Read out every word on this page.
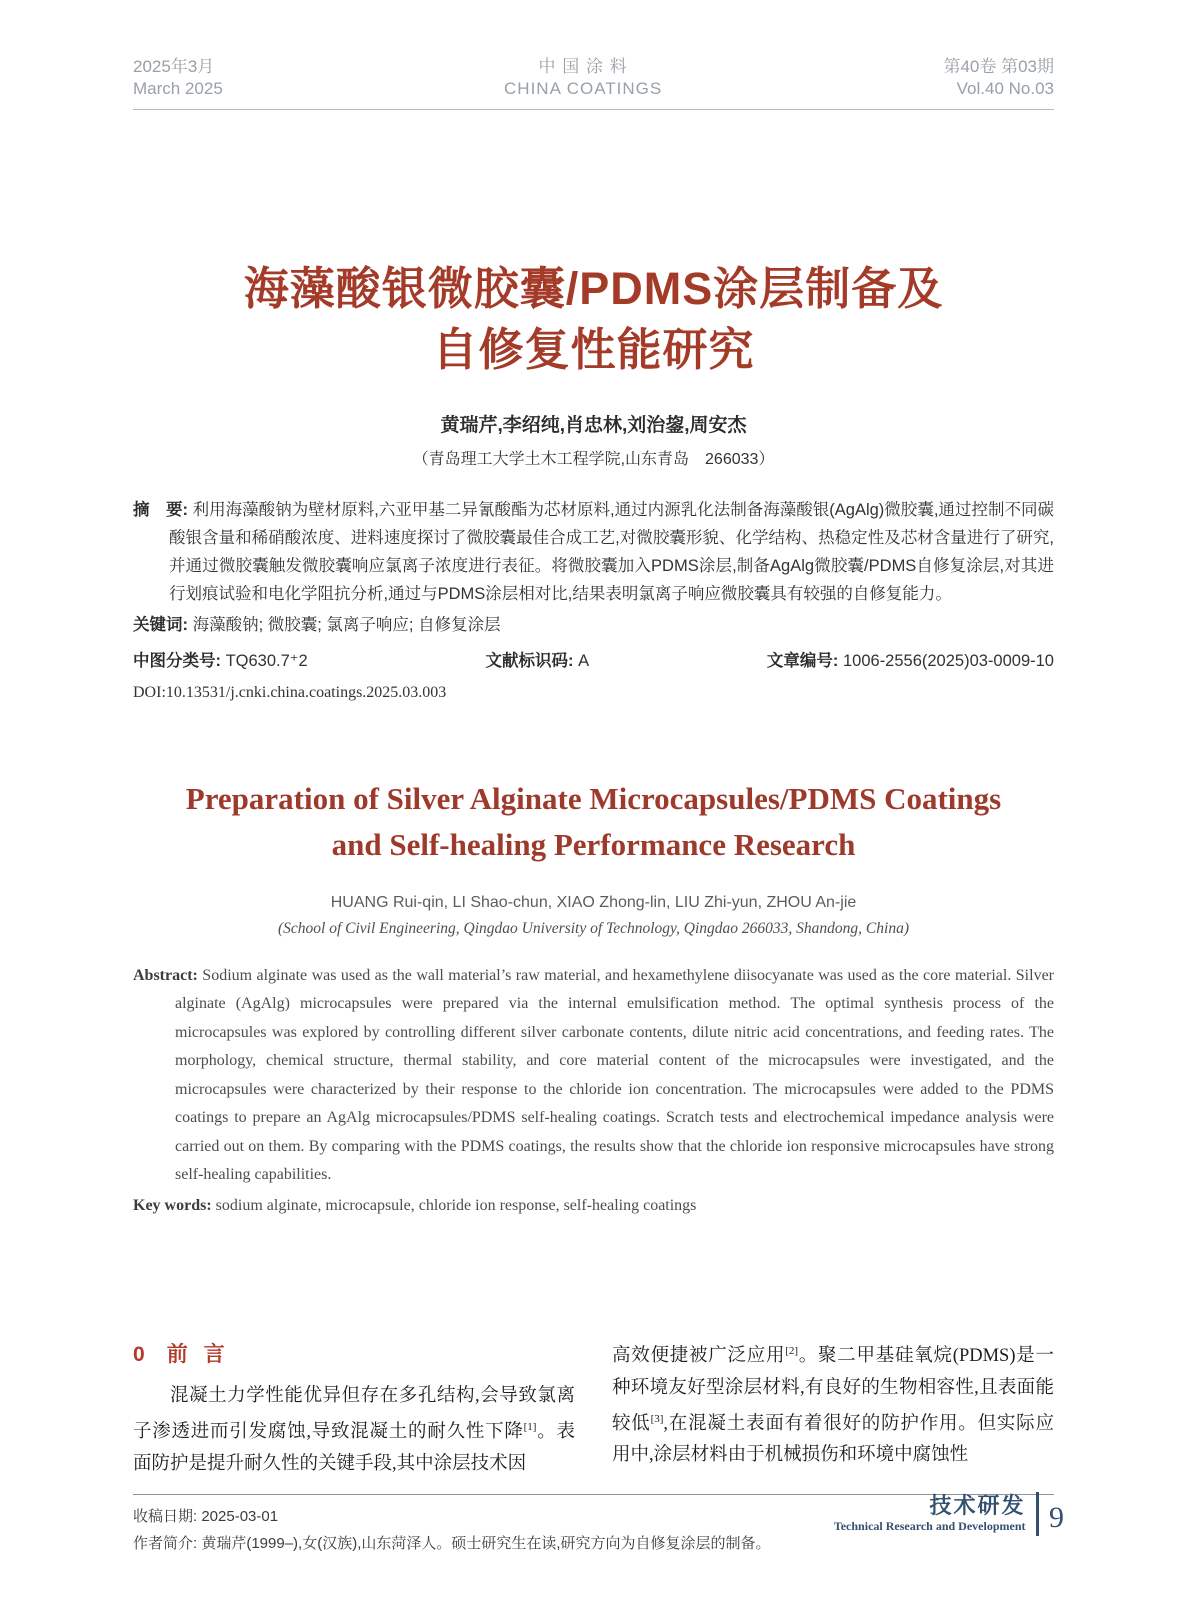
2025年3月
March 2025
中 国 涂 料
CHINA COATINGS
第40卷 第03期
Vol.40 No.03
海藻酸银微胶囊/PDMS涂层制备及
自修复性能研究
黄瑞芹,李绍纯,肖忠林,刘治鋆,周安杰
（青岛理工大学土木工程学院,山东青岛　266033）

摘　要: 利用海藻酸钠为壁材原料,六亚甲基二异氰酸酯为芯材原料,通过内源乳化法制备海藻酸银(AgAlg)微胶囊,通过控制不同碳酸银含量和稀硝酸浓度、进料速度探讨了微胶囊最佳合成工艺,对微胶囊形貌、化学结构、热稳定性及芯材含量进行了研究,并通过微胶囊触发微胶囊响应氯离子浓度进行表征。将微胶囊加入PDMS涂层,制备AgAlg微胶囊/PDMS自修复涂层,对其进行划痕试验和电化学阻抗分析,通过与PDMS涂层相对比,结果表明氯离子响应微胶囊具有较强的自修复能力。

关键词: 海藻酸钠; 微胶囊; 氯离子响应; 自修复涂层

中图分类号: TQ630.7⁺2	文献标识码: A	文章编号: 1006-2556(2025)03-0009-10
DOI:10.13531/j.cnki.china.coatings.2025.03.003
Preparation of Silver Alginate Microcapsules/PDMS Coatings
and Self-healing Performance Research
HUANG Rui-qin, LI Shao-chun, XIAO Zhong-lin, LIU Zhi-yun, ZHOU An-jie
(School of Civil Engineering, Qingdao University of Technology, Qingdao 266033, Shandong, China)

Abstract: Sodium alginate was used as the wall material’s raw material, and hexamethylene diisocyanate was used as the core material. Silver alginate (AgAlg) microcapsules were prepared via the internal emulsification method. The optimal synthesis process of the microcapsules was explored by controlling different silver carbonate contents, dilute nitric acid concentrations, and feeding rates. The morphology, chemical structure, thermal stability, and core material content of the microcapsules were investigated, and the microcapsules were characterized by their response to the chloride ion concentration. The microcapsules were added to the PDMS coatings to prepare an AgAlg microcapsules/PDMS self-healing coatings. Scratch tests and electrochemical impedance analysis were carried out on them. By comparing with the PDMS coatings, the results show that the chloride ion responsive microcapsules have strong self-healing capabilities.

Key words: sodium alginate, microcapsule, chloride ion response, self-healing coatings

0 前言

混凝土力学性能优异但存在多孔结构,会导致氯离子渗透进而引发腐蚀,导致混凝土的耐久性下降[1]。表面防护是提升耐久性的关键手段,其中涂层技术因

高效便捷被广泛应用[2]。聚二甲基硅氧烷(PDMS)是一种环境友好型涂层材料,有良好的生物相容性,且表面能较低[3],在混凝土表面有着很好的防护作用。但实际应用中,涂层材料由于机械损伤和环境中腐蚀性

收稿日期: 2025-03-01
作者简介: 黄瑞芹(1999–),女(汉族),山东菏泽人。硕士研究生在读,研究方向为自修复涂层的制备。
技术研发
Technical Research and Development 9
